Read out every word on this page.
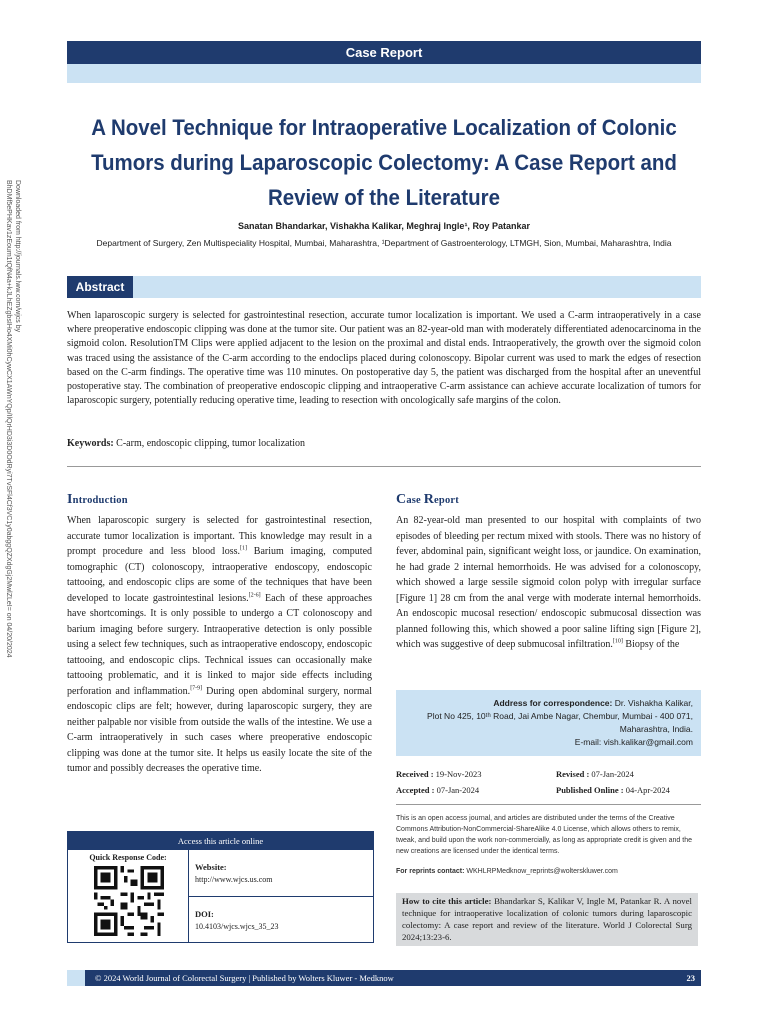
Case Report
Downloaded from http://journals.lww.com/wjcs by BhDMf5ePHKav1zEoum1tQfN4a+kJLhEZgbsIHo4XMi0hCywCX1AWnYQp/IlQrHD3i3D0OdRyi7TvSFl4Cf3VC1y0abggQZXdgGj2MwlZLeI= on 04/20/2024
A Novel Technique for Intraoperative Localization of Colonic Tumors during Laparoscopic Colectomy: A Case Report and Review of the Literature
Sanatan Bhandarkar, Vishakha Kalikar, Meghraj Ingle¹, Roy Patankar
Department of Surgery, Zen Multispeciality Hospital, Mumbai, Maharashtra, ¹Department of Gastroenterology, LTMGH, Sion, Mumbai, Maharashtra, India
Abstract
When laparoscopic surgery is selected for gastrointestinal resection, accurate tumor localization is important. We used a C-arm intraoperatively in a case where preoperative endoscopic clipping was done at the tumor site. Our patient was an 82-year-old man with moderately differentiated adenocarcinoma in the sigmoid colon. ResolutionTM Clips were applied adjacent to the lesion on the proximal and distal ends. Intraoperatively, the growth over the sigmoid colon was traced using the assistance of the C-arm according to the endoclips placed during colonoscopy. Bipolar current was used to mark the edges of resection based on the C-arm findings. The operative time was 110 minutes. On postoperative day 5, the patient was discharged from the hospital after an uneventful postoperative stay. The combination of preoperative endoscopic clipping and intraoperative C-arm assistance can achieve accurate localization of tumors for laparoscopic surgery, potentially reducing operative time, leading to resection with oncologically safe margins of the colon.
Keywords: C-arm, endoscopic clipping, tumor localization
Introduction
When laparoscopic surgery is selected for gastrointestinal resection, accurate tumor localization is important. This knowledge may result in a prompt procedure and less blood loss.[1] Barium imaging, computed tomographic (CT) colonoscopy, intraoperative endoscopy, endoscopic tattooing, and endoscopic clips are some of the techniques that have been developed to locate gastrointestinal lesions.[2-6] Each of these approaches have shortcomings. It is only possible to undergo a CT colonoscopy and barium imaging before surgery. Intraoperative detection is only possible using a select few techniques, such as intraoperative endoscopy, endoscopic tattooing, and endoscopic clips. Technical issues can occasionally make tattooing problematic, and it is linked to major side effects including perforation and inflammation.[7-9] During open abdominal surgery, normal endoscopic clips are felt; however, during laparoscopic surgery, they are neither palpable nor visible from outside the walls of the intestine. We use a C-arm intraoperatively in such cases where preoperative endoscopic clipping was done at the tumor site. It helps us easily locate the site of the tumor and possibly decreases the operative time.
Case Report
An 82-year-old man presented to our hospital with complaints of two episodes of bleeding per rectum mixed with stools. There was no history of fever, abdominal pain, significant weight loss, or jaundice. On examination, he had grade 2 internal hemorrhoids. He was advised for a colonoscopy, which showed a large sessile sigmoid colon polyp with irregular surface [Figure 1] 28 cm from the anal verge with moderate internal hemorrhoids. An endoscopic mucosal resection/ endoscopic submucosal dissection was planned following this, which showed a poor saline lifting sign [Figure 2], which was suggestive of deep submucosal infiltration.[10] Biopsy of the
Access this article online
Quick Response Code:
Website:
http://www.wjcs.us.com
DOI:
10.4103/wjcs.wjcs_35_23
Address for correspondence: Dr. Vishakha Kalikar,
Plot No 425, 10ᵗʰ Road, Jai Ambe Nagar, Chembur, Mumbai - 400 071,
Maharashtra, India.
E-mail: vish.kalikar@gmail.com
Received : 19-Nov-2023	Revised : 07-Jan-2024
Accepted : 07-Jan-2024	Published Online : 04-Apr-2024
This is an open access journal, and articles are distributed under the terms of the Creative Commons Attribution-NonCommercial-ShareAlike 4.0 License, which allows others to remix, tweak, and build upon the work non-commercially, as long as appropriate credit is given and the new creations are licensed under the identical terms.
For reprints contact: WKHLRPMedknow_reprints@wolterskluwer.com
How to cite this article: Bhandarkar S, Kalikar V, Ingle M, Patankar R. A novel technique for intraoperative localization of colonic tumors during laparoscopic colectomy: A case report and review of the literature. World J Colorectal Surg 2024;13:23-6.
© 2024 World Journal of Colorectal Surgery | Published by Wolters Kluwer - Medknow	23
